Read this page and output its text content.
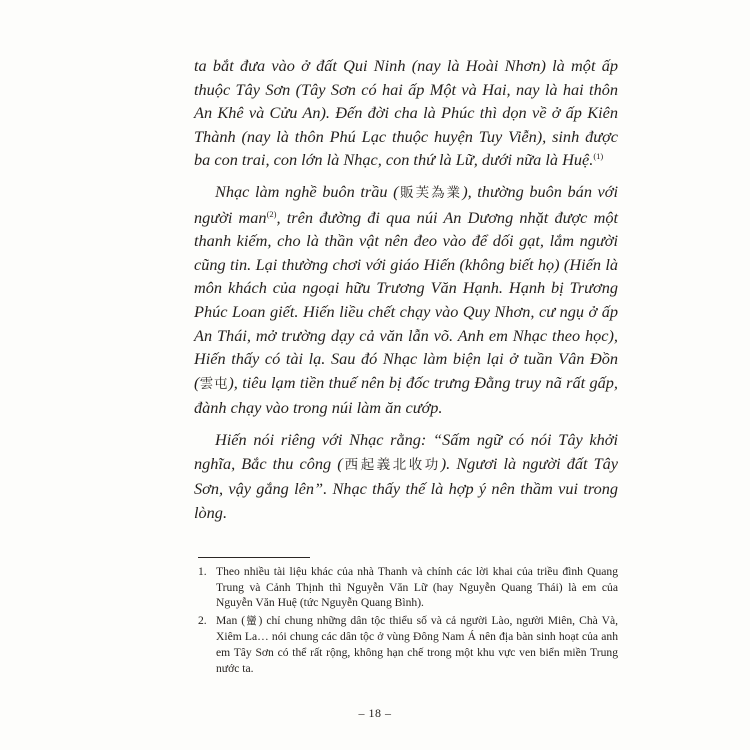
ta bắt đưa vào ở đất Qui Ninh (nay là Hoài Nhơn) là một ấp thuộc Tây Sơn (Tây Sơn có hai ấp Một và Hai, nay là hai thôn An Khê và Cửu An). Đến đời cha là Phúc thì dọn về ở ấp Kiên Thành (nay là thôn Phú Lạc thuộc huyện Tuy Viễn), sinh được ba con trai, con lớn là Nhạc, con thứ là Lữ, dưới nữa là Huệ.$^{(1)}$

Nhạc làm nghề buôn trầu (販芙為業), thường buôn bán với người man$^{(2)}$, trên đường đi qua núi An Dương nhặt được một thanh kiếm, cho là thần vật nên đeo vào để dối gạt, lắm người cũng tin. Lại thường chơi với giáo Hiến (không biết họ) (Hiến là môn khách của ngoại hữu Trương Văn Hạnh. Hạnh bị Trương Phúc Loan giết. Hiến liều chết chạy vào Quy Nhơn, cư ngụ ở ấp An Thái, mở trường dạy cả văn lẫn võ. Anh em Nhạc theo học), Hiến thấy có tài lạ. Sau đó Nhạc làm biện lại ở tuần Vân Đồn (雲屯), tiêu lạm tiền thuế nên bị đốc trưng Đằng truy nã rất gấp, đành chạy vào trong núi làm ăn cướp.

Hiến nói riêng với Nhạc rằng: “Sấm ngữ có nói Tây khởi nghĩa, Bắc thu công (西起義北收功). Ngươi là người đất Tây Sơn, vậy gắng lên”. Nhạc thấy thế là hợp ý nên thầm vui trong lòng.

1. Theo nhiều tài liệu khác của nhà Thanh và chính các lời khai của triều đình Quang Trung và Cảnh Thịnh thì Nguyễn Văn Lữ (hay Nguyễn Quang Thái) là em của Nguyễn Văn Huệ (tức Nguyễn Quang Bình).
2. Man (蠻) chỉ chung những dân tộc thiểu số và cả người Lào, người Miên, Chà Và, Xiêm La… nói chung các dân tộc ở vùng Đông Nam Á nên địa bàn sinh hoạt của anh em Tây Sơn có thể rất rộng, không hạn chế trong một khu vực ven biển miền Trung nước ta.
– 18 –
